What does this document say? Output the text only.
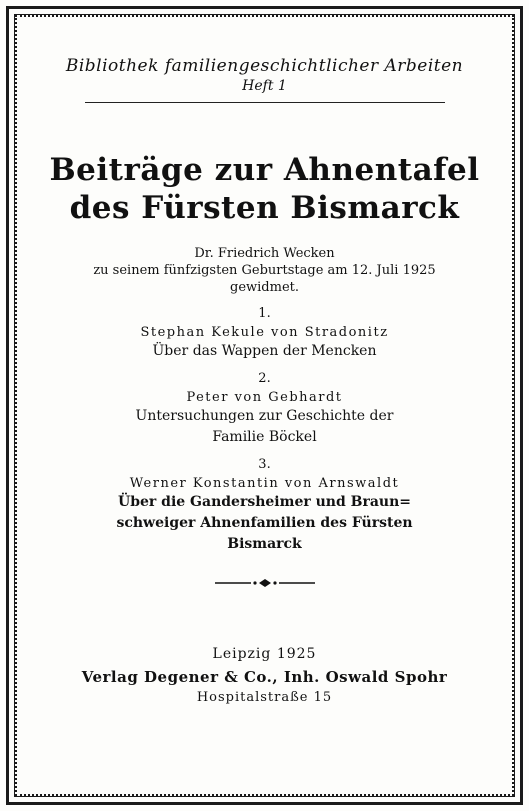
Bibliothek familiengeschichtlicher Arbeiten
Heft 1
Beiträge zur Ahnentafel
des Fürsten Bismarck
Dr. Friedrich Wecken
zu seinem fünfzigsten Geburtstage am 12. Juli 1925
gewidmet.
1.
Stephan Kekule von Stradonitz
Über das Wappen der Mencken
2.
Peter von Gebhardt
Untersuchungen zur Geschichte der
Familie Böckel
3.
Werner Konstantin von Arnswaldt
Über die Gandersheimer und Braun=
schweiger Ahnenfamilien des Fürsten
Bismarck
Leipzig 1925
Verlag Degener & Co., Inh. Oswald Spohr
Hospitalstraße 15
